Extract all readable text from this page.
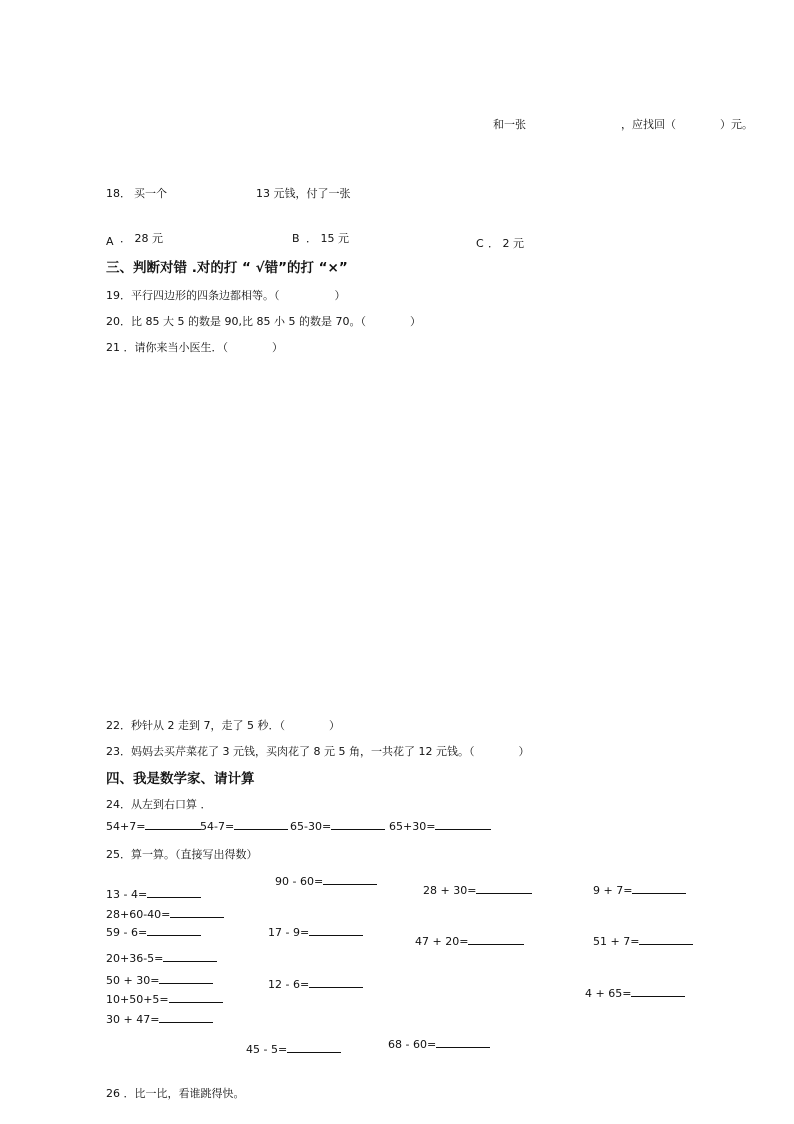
和一张	，应找回（	）元。
18． 买一个	13 元钱，付了一张
A ． 28 元	B ． 15 元	C ． 2 元
三、判断对错 .对的打 “ √错”的打 “×”
19．平行四边形的四条边都相等。（　　　　　）
20．比 85 大 5 的数是 90,比 85 小 5 的数是 70。（　　　　）
21 ．请你来当小医生．（　　　　）
22．秒针从 2 走到 7，走了 5 秒．（　　　　）
23．妈妈去买芹菜花了 3 元钱，买肉花了 8 元 5 角，一共花了 12 元钱。（　　　　）
四、我是数学家、请计算
24．从左到右口算 ．
54+7=	54-7=	65-30=	65+30=
25．算一算。（直接写出得数）
90 - 60=
13 - 4=	28 + 30=	9 + 7=
28+60-40=
59 - 6=	17 - 9=
47 + 20=	51 + 7=
20+36-5=
50 + 30=	12 - 6=
10+50+5=	4 + 65=
30 + 47=
45 - 5=	68 - 60=
26 ．比一比，看谁跳得快。
